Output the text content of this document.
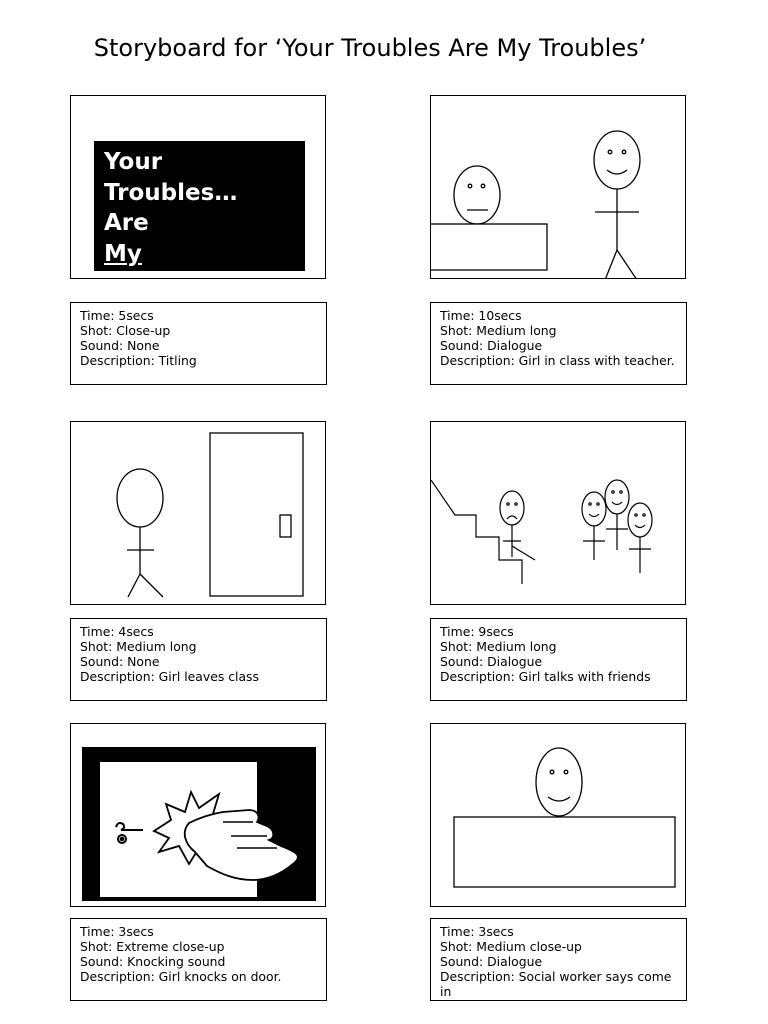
Storyboard for ‘Your Troubles Are My Troubles’
Your
Troubles…
Are
My
Time: 5secs
Shot: Close-up
Sound: None
Description: Titling
Time: 10secs
Shot: Medium long
Sound: Dialogue
Description: Girl in class with teacher.
Time: 4secs
Shot: Medium long
Sound: None
Description: Girl leaves class
Time: 9secs
Shot: Medium long
Sound: Dialogue
Description: Girl talks with friends
Time: 3secs
Shot: Extreme close-up
Sound: Knocking sound
Description: Girl knocks on door.
Time: 3secs
Shot: Medium close-up
Sound: Dialogue
Description: Social worker says come in
